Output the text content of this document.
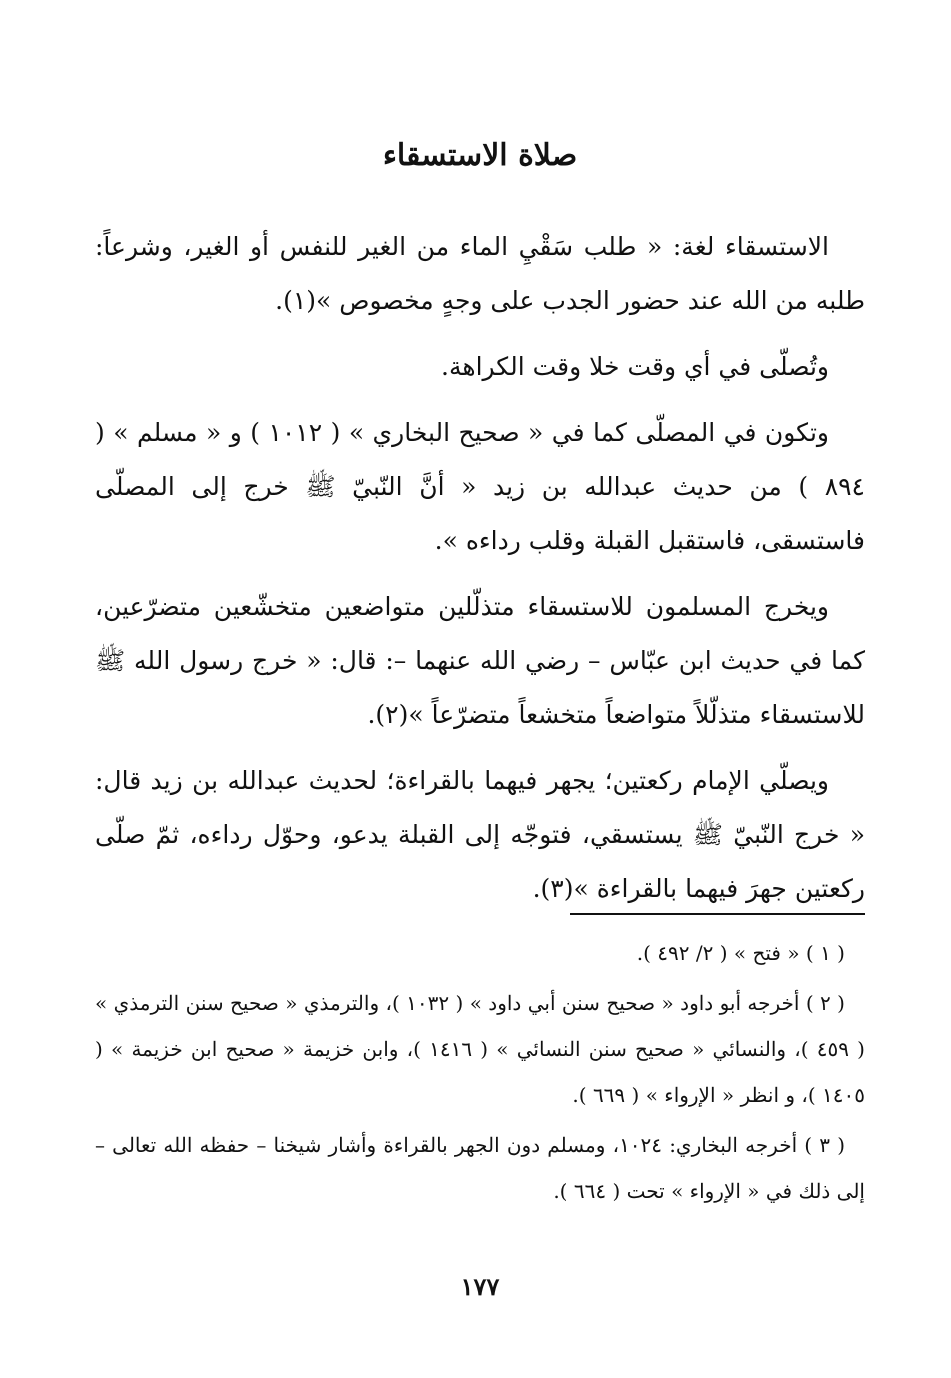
صلاة الاستسقاء

الاستسقاء لغة: « طلب سَقْيِ الماء من الغير للنفس أو الغير، وشرعاً: طلبه من الله عند حضور الجدب على وجهٍ مخصوص »(١).

وتُصلّى في أي وقت خلا وقت الكراهة.

وتكون في المصلّى كما في « صحيح البخاري » ( ١٠١٢ ) و « مسلم » ( ٨٩٤ ) من حديث عبدالله بن زيد « أنَّ النّبيّ ﷺ خرج إلى المصلّى فاستسقى، فاستقبل القبلة وقلب رداءه ».

ويخرج المسلمون للاستسقاء متذلّلين متواضعين متخشّعين متضرّعين، كما في حديث ابن عبّاس – رضي الله عنهما –: قال: « خرج رسول الله ﷺ للاستسقاء متذلّلاً متواضعاً متخشعاً متضرّعاً »(٢).

ويصلّي الإمام ركعتين؛ يجهر فيهما بالقراءة؛ لحديث عبدالله بن زيد قال: « خرج النّبيّ ﷺ يستسقي، فتوجّه إلى القبلة يدعو، وحوّل رداءه، ثمّ صلّى ركعتين جهرَ فيهما بالقراءة »(٣).

( ١ ) « فتح » ( ٢/ ٤٩٢ ).

( ٢ ) أخرجه أبو داود « صحيح سنن أبي داود » ( ١٠٣٢ )، والترمذي « صحيح سنن الترمذي » ( ٤٥٩ )، والنسائي « صحيح سنن النسائي » ( ١٤١٦ )، وابن خزيمة « صحيح ابن خزيمة » ( ١٤٠٥ )، و انظر « الإرواء » ( ٦٦٩ ).

( ٣ ) أخرجه البخاري: ١٠٢٤، ومسلم دون الجهر بالقراءة وأشار شيخنا – حفظه الله تعالى – إلى ذلك في « الإرواء » تحت ( ٦٦٤ ).

١٧٧
